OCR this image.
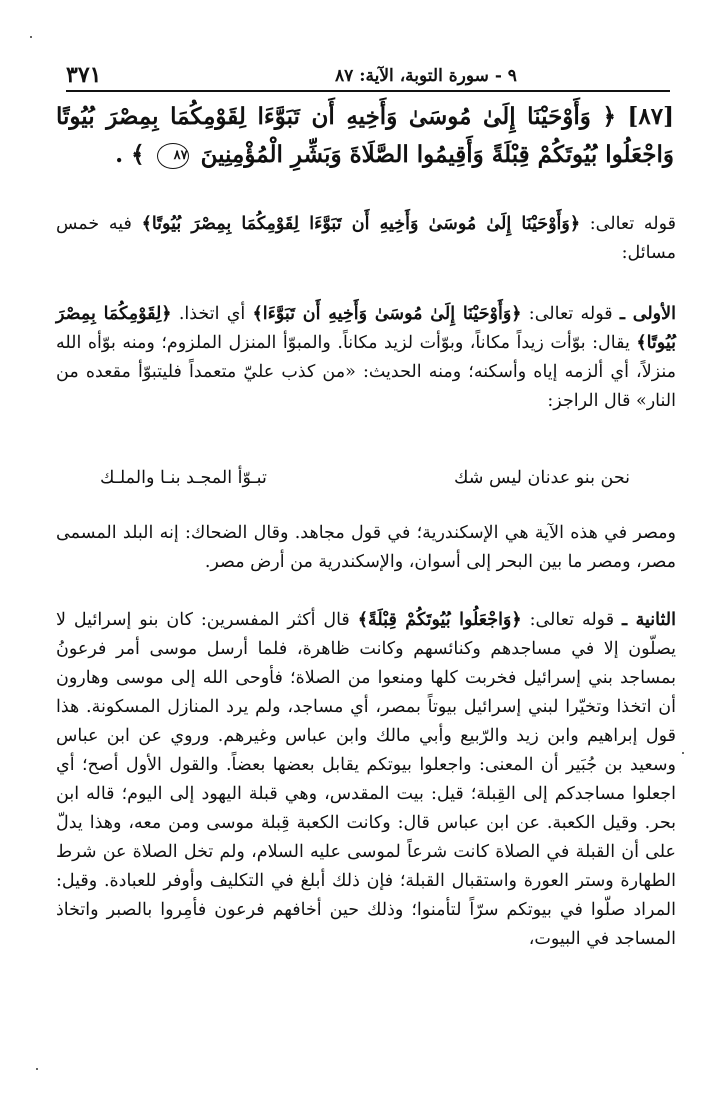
٣٧١	٩ - سورة التوبة، الآية: ٨٧
[٨٧] ﴿ وَأَوْحَيْنَا إِلَىٰ مُوسَىٰ وَأَخِيهِ أَن تَبَوَّءَا لِقَوْمِكُمَا بِمِصْرَ بُيُوتًا وَاجْعَلُوا بُيُوتَكُمْ قِبْلَةً وَأَقِيمُوا الصَّلَاةَ وَبَشِّرِ الْمُؤْمِنِينَ ٨٧ ﴾ .
قوله تعالى: ﴿وَأَوْحَيْنَا إِلَىٰ مُوسَىٰ وَأَخِيهِ أَن تَبَوَّءَا لِقَوْمِكُمَا بِمِصْرَ بُيُوتًا﴾ فيه خمس مسائل:
الأولى ـ قوله تعالى: ﴿وَأَوْحَيْنَا إِلَىٰ مُوسَىٰ وَأَخِيهِ أَن تَبَوَّءَا﴾ أي اتخذا. ﴿لِقَوْمِكُمَا بِمِصْرَ بُيُوتًا﴾ يقال: بوّأت زيداً مكاناً، وبوّأت لزيد مكاناً. والمبوّأ المنزل الملزوم؛ ومنه بوّأه الله منزلاً، أي ألزمه إياه وأسكنه؛ ومنه الحديث: «من كذب عليّ متعمداً فليتبوّأ مقعده من النار» قال الراجز:
نحن بنو عدنان ليس شك
تبـوّأ المجـد بنـا والملـك
ومصر في هذه الآية هي الإسكندرية؛ في قول مجاهد. وقال الضحاك: إنه البلد المسمى مصر، ومصر ما بين البحر إلى أسوان، والإسكندرية من أرض مصر.
الثانية ـ قوله تعالى: ﴿وَاجْعَلُوا بُيُوتَكُمْ قِبْلَةً﴾ قال أكثر المفسرين: كان بنو إسرائيل لا يصلّون إلا في مساجدهم وكنائسهم وكانت ظاهرة، فلما أرسل موسى أمر فرعونُ بمساجد بني إسرائيل فخربت كلها ومنعوا من الصلاة؛ فأوحى الله إلى موسى وهارون أن اتخذا وتخيّرا لبني إسرائيل بيوتاً بمصر، أي مساجد، ولم يرد المنازل المسكونة. هذا قول إبراهيم وابن زيد والرّبيع وأبي مالك وابن عباس وغيرهم. وروي عن ابن عباس وسعيد بن جُبَير أن المعنى: واجعلوا بيوتكم يقابل بعضها بعضاً. والقول الأول أصح؛ أي اجعلوا مساجدكم إلى القِبلة؛ قيل: بيت المقدس، وهي قبلة اليهود إلى اليوم؛ قاله ابن بحر. وقيل الكعبة. عن ابن عباس قال: وكانت الكعبة قِبلة موسى ومن معه، وهذا يدلّ على أن القبلة في الصلاة كانت شرعاً لموسى عليه السلام، ولم تخل الصلاة عن شرط الطهارة وستر العورة واستقبال القبلة؛ فإن ذلك أبلغ في التكليف وأوفر للعبادة. وقيل: المراد صلّوا في بيوتكم سرّاً لتأمنوا؛ وذلك حين أخافهم فرعون فأمِروا بالصبر واتخاذ المساجد في البيوت،
